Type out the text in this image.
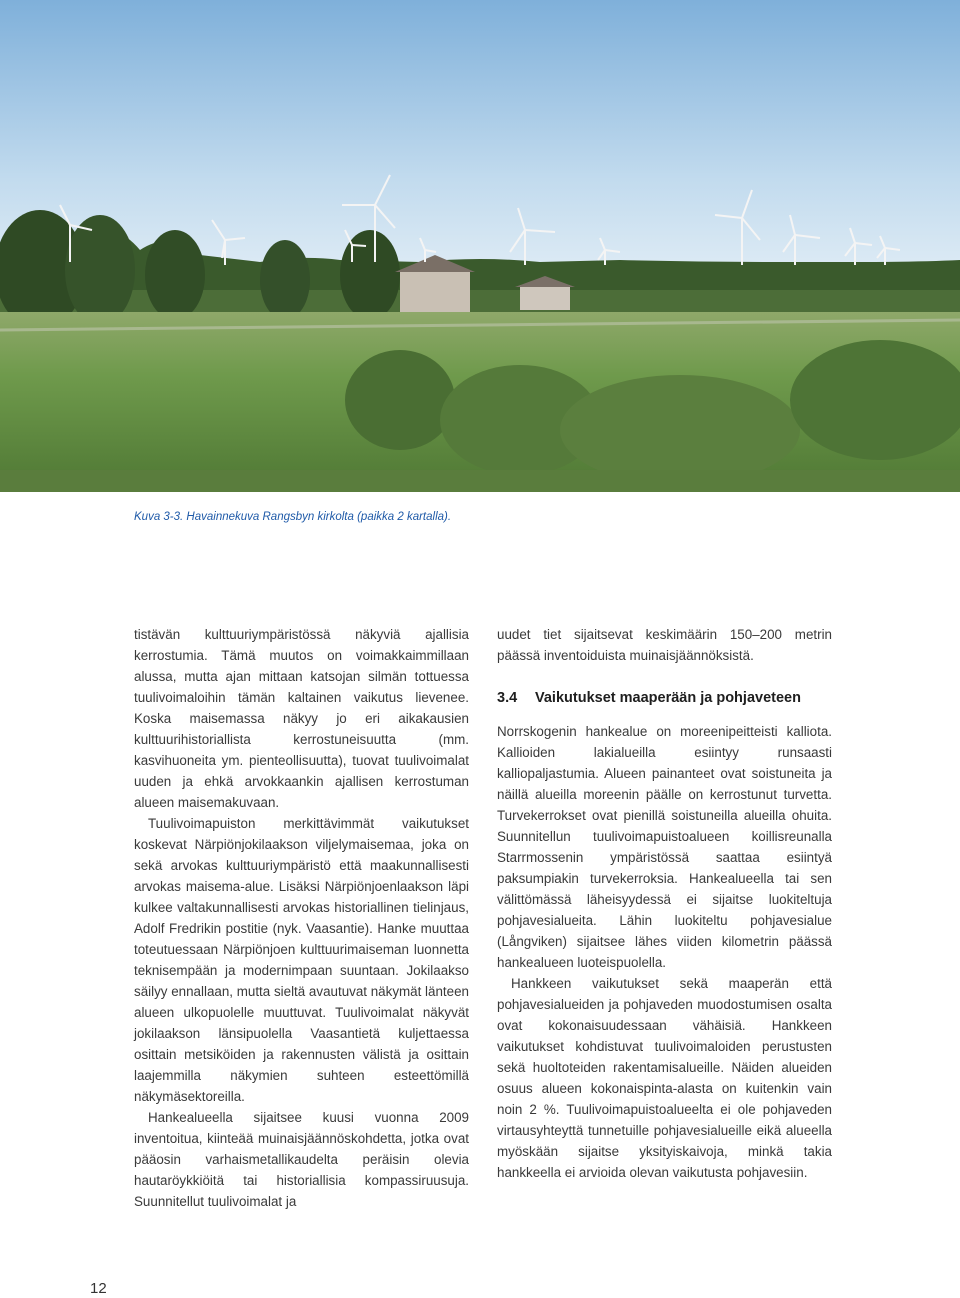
Kuva 3-3. Havainnekuva Rangsbyn kirkolta (paikka 2 kartalla).

tistävän kulttuuriympäristössä näkyviä ajallisia kerrostumia. Tämä muutos on voimakkaimmillaan alussa, mutta ajan mittaan katsojan silmän tottuessa tuulivoimaloihin tämän kaltainen vaikutus lievenee. Koska maisemassa näkyy jo eri aikakausien kulttuurihistoriallista kerrostuneisuutta (mm. kasvihuoneita ym. pienteollisuutta), tuovat tuulivoimalat uuden ja ehkä arvokkaankin ajallisen kerrostuman alueen maisemakuvaan.

Tuulivoimapuiston merkittävimmät vaikutukset koskevat Närpiönjokilaakson viljelymaisemaa, joka on sekä arvokas kulttuuriympäristö että maakunnallisesti arvokas maisema-alue. Lisäksi Närpiönjoenlaakson läpi kulkee valtakunnallisesti arvokas historiallinen tielinjaus, Adolf Fredrikin postitie (nyk. Vaasantie). Hanke muuttaa toteutuessaan Närpiönjoen kulttuurimaiseman luonnetta teknisempään ja modernimpaan suuntaan. Jokilaakso säilyy ennallaan, mutta sieltä avautuvat näkymät länteen alueen ulkopuolelle muuttuvat. Tuulivoimalat näkyvät jokilaakson länsipuolella Vaasantietä kuljettaessa osittain metsiköiden ja rakennusten välistä ja osittain laajemmilla näkymien suhteen esteettömillä näkymäsektoreilla.

Hankealueella sijaitsee kuusi vuonna 2009 inventoitua, kiinteää muinaisjäännöskohdetta, jotka ovat pääosin varhaismetallikaudelta peräisin olevia hautaröykkiöitä tai historiallisia kompassiruusuja. Suunnitellut tuulivoimalat ja

uudet tiet sijaitsevat keskimäärin 150–200 metrin päässä inventoiduista muinaisjäännöksistä.

3.4 Vaikutukset maaperään ja pohjaveteen

Norrskogenin hankealue on moreenipeitteisti kalliota. Kallioiden lakialueilla esiintyy runsaasti kalliopaljastumia. Alueen painanteet ovat soistuneita ja näillä alueilla moreenin päälle on kerrostunut turvetta. Turvekerrokset ovat pienillä soistuneilla alueilla ohuita. Suunnitellun tuulivoimapuistoalueen koillisreunalla Starrmossenin ympäristössä saattaa esiintyä paksumpiakin turvekerroksia. Hankealueella tai sen välittömässä läheisyydessä ei sijaitse luokiteltuja pohjavesialueita. Lähin luokiteltu pohjavesialue (Långviken) sijaitsee lähes viiden kilometrin päässä hankealueen luoteispuolella.

Hankkeen vaikutukset sekä maaperän että pohjavesialueiden ja pohjaveden muodostumisen osalta ovat kokonaisuudessaan vähäisiä. Hankkeen vaikutukset kohdistuvat tuulivoimaloiden perustusten sekä huoltoteiden rakentamisalueille. Näiden alueiden osuus alueen kokonaispinta-alasta on kuitenkin vain noin 2 %. Tuulivoimapuistoalueelta ei ole pohjaveden virtausyhteyttä tunnetuille pohjavesialueille eikä alueella myöskään sijaitse yksityiskaivoja, minkä takia hankkeella ei arvioida olevan vaikutusta pohjavesiin.

12
